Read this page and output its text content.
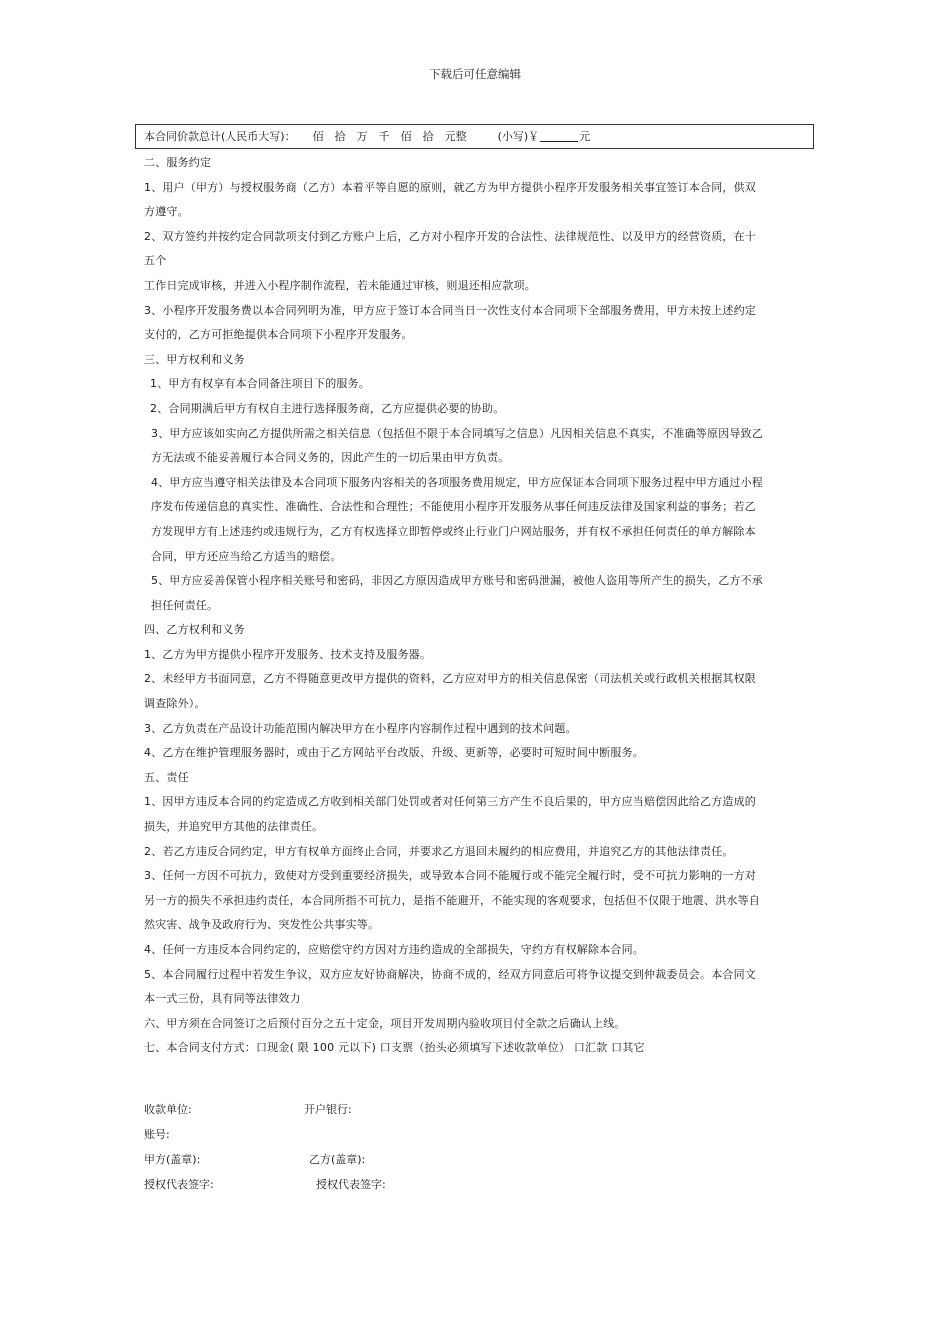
下载后可任意编辑
本合同价款总计(人民币大写)： 佰　拾　万　千　佰　拾　元整	(小写)￥	元
二、服务约定
1、用户（甲方）与授权服务商（乙方）本着平等自愿的原则，就乙方为甲方提供小程序开发服务相关事宜签订本合同，供双
方遵守。
2、双方签约并按约定合同款项支付到乙方账户上后，乙方对小程序开发的合法性、法律规范性、以及甲方的经营资质，在十
五个
工作日完成审核，并进入小程序制作流程，若未能通过审核，则退还相应款项。
3、小程序开发服务费以本合同列明为准，甲方应于签订本合同当日一次性支付本合同项下全部服务费用，甲方未按上述约定
支付的，乙方可拒绝提供本合同项下小程序开发服务。
三、甲方权利和义务
1、甲方有权享有本合同备注项目下的服务。
2、合同期满后甲方有权自主进行选择服务商，乙方应提供必要的协助。
3、甲方应该如实向乙方提供所需之相关信息（包括但不限于本合同填写之信息）凡因相关信息不真实，不准确等原因导致乙
方无法或不能妥善履行本合同义务的，因此产生的一切后果由甲方负责。
4、甲方应当遵守相关法律及本合同项下服务内容相关的各项服务费用规定，甲方应保证本合同项下服务过程中甲方通过小程
序发布传递信息的真实性、准确性、合法性和合理性；不能使用小程序开发服务从事任何违反法律及国家利益的事务；若乙
方发现甲方有上述违约或违规行为，乙方有权选择立即暂停或终止行业门户网站服务，并有权不承担任何责任的单方解除本
合同，甲方还应当给乙方适当的赔偿。
5、甲方应妥善保管小程序相关账号和密码，非因乙方原因造成甲方账号和密码泄漏，被他人盗用等所产生的损失，乙方不承
担任何责任。
四、乙方权利和义务
1、乙方为甲方提供小程序开发服务、技术支持及服务器。
2、未经甲方书面同意，乙方不得随意更改甲方提供的资料，乙方应对甲方的相关信息保密（司法机关或行政机关根据其权限
调查除外）。
3、乙方负责在产品设计功能范围内解决甲方在小程序内容制作过程中遇到的技术问题。
4、乙方在维护管理服务器时，或由于乙方网站平台改版、升级、更新等，必要时可短时间中断服务。
五、责任
1、因甲方违反本合同的约定造成乙方收到相关部门处罚或者对任何第三方产生不良后果的，甲方应当赔偿因此给乙方造成的
损失，并追究甲方其他的法律责任。
2、若乙方违反合同约定，甲方有权单方面终止合同，并要求乙方退回未履约的相应费用，并追究乙方的其他法律责任。
3、任何一方因不可抗力，致使对方受到重要经济损失，或导致本合同不能履行或不能完全履行时，受不可抗力影响的一方对
另一方的损失不承担违约责任，本合同所指不可抗力，是指不能避开，不能实现的客观要求，包括但不仅限于地震、洪水等自
然灾害、战争及政府行为、突发性公共事实等。
4、任何一方违反本合同约定的，应赔偿守约方因对方违约造成的全部损失，守约方有权解除本合同。
5、本合同履行过程中若发生争议，双方应友好协商解决，协商不成的，经双方同意后可将争议提交到仲裁委员会。本合同文
本一式三份，具有同等法律效力
六、甲方须在合同签订之后预付百分之五十定金，项目开发周期内验收项目付全款之后确认上线。
七、本合同支付方式：口现金( 限 100 元以下) 口支票（抬头必须填写下述收款单位） 口汇款 口其它
收款单位:	开户银行:
账号:
甲方(盖章):	乙方(盖章):
授权代表签字:	授权代表签字:
